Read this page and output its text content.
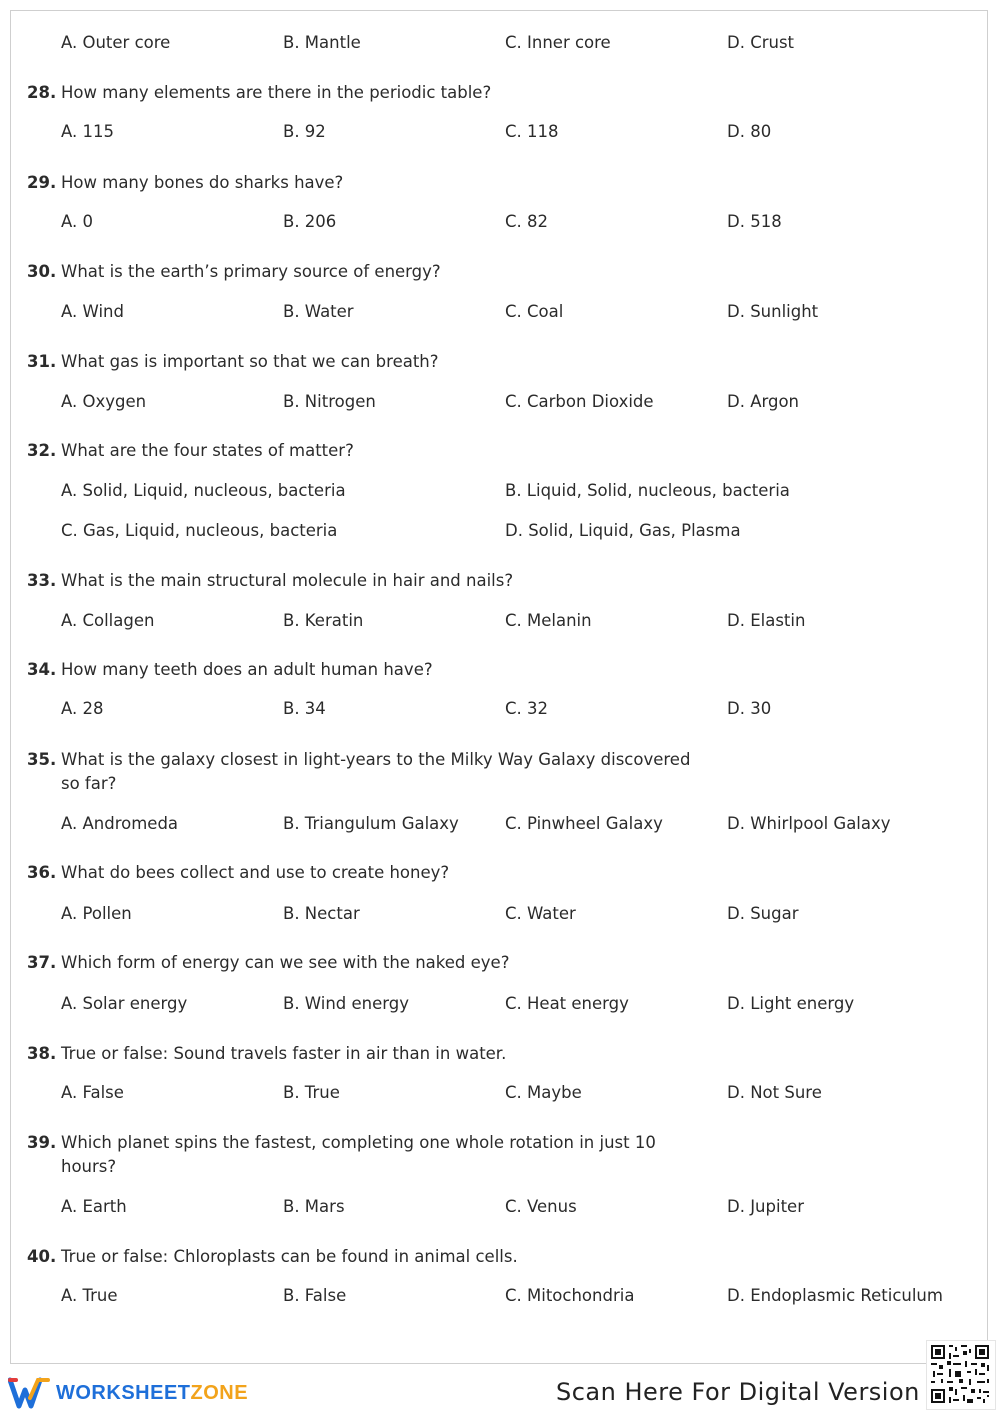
A. Outer core	B. Mantle	C. Inner core	D. Crust
28. How many elements are there in the periodic table?
A. 115	B. 92	C. 118	D. 80
29. How many bones do sharks have?
A. 0	B. 206	C. 82	D. 518
30. What is the earth’s primary source of energy?
A. Wind	B. Water	C. Coal	D. Sunlight
31. What gas is important so that we can breath?
A. Oxygen	B. Nitrogen	C. Carbon Dioxide	D. Argon
32. What are the four states of matter?
A. Solid, Liquid, nucleous, bacteria	B. Liquid, Solid, nucleous, bacteria
C. Gas, Liquid, nucleous, bacteria	D. Solid, Liquid, Gas, Plasma
33. What is the main structural molecule in hair and nails?
A. Collagen	B. Keratin	C. Melanin	D. Elastin
34. How many teeth does an adult human have?
A. 28	B. 34	C. 32	D. 30
35. What is the galaxy closest in light-years to the Milky Way Galaxy discovered so far?
A. Andromeda	B. Triangulum Galaxy	C. Pinwheel Galaxy	D. Whirlpool Galaxy
36. What do bees collect and use to create honey?
A. Pollen	B. Nectar	C. Water	D. Sugar
37. Which form of energy can we see with the naked eye?
A. Solar energy	B. Wind energy	C. Heat energy	D. Light energy
38. True or false: Sound travels faster in air than in water.
A. False	B. True	C. Maybe	D. Not Sure
39. Which planet spins the fastest, completing one whole rotation in just 10 hours?
A. Earth	B. Mars	C. Venus	D. Jupiter
40. True or false: Chloroplasts can be found in animal cells.
A. True	B. False	C. Mitochondria	D. Endoplasmic Reticulum
WORKSHEETZONE	Scan Here For Digital Version
